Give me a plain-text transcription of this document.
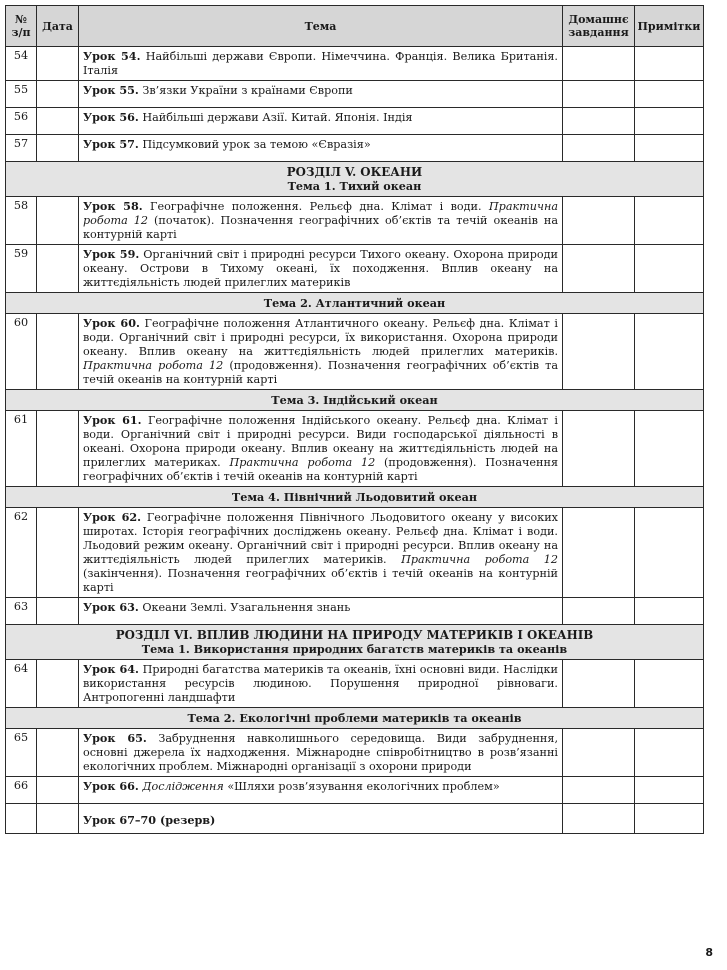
№ з/п	Дата	Тема	Домашнє завдання	Примітки
54		Урок 54. Найбільші держави Європи. Німеччина. Франція. Велика Британія. Італія		
55		Урок 55. Зв’язки України з країнами Європи		
56		Урок 56. Найбільші держави Азії. Китай. Японія. Індія		
57		Урок 57. Підсумковий урок за темою «Євразія»		

РОЗДІЛ V. ОКЕАНИ
Тема 1. Тихий океан				

58		Урок 58. Географічне положення. Рельєф дна. Клімат і води. Практична робота 12 (початок). Позначення географічних об’єктів та течій океанів на контурній карті		
59		Урок 59. Органічний світ і природні ресурси Тихого океану. Охорона природи океану. Острови в Тихому океані, їх походження. Вплив океану на життєдіяльність людей прилеглих материків		

Тема 2. Атлантичний океан				

60		Урок 60. Географічне положення Атлантичного океану. Рельєф дна. Клімат і води. Органічний світ і природні ресурси, їх використання. Охорона природи океану. Вплив океану на життєдіяльність людей прилеглих материків. Практична робота 12 (продовження). Позначення географічних об’єктів та течій океанів на контурній карті		

Тема 3. Індійський океан				

61		Урок 61. Географічне положення Індійського океану. Рельєф дна. Клімат і води. Органічний світ і природні ресурси. Види господарської діяльності в океані. Охорона природи океану. Вплив океану на життєдіяльність людей на прилеглих материках. Практична робота 12 (продовження). Позначення географічних об’єктів і течій океанів на контурній карті		

Тема 4. Північний Льодовитий океан				

62		Урок 62. Географічне положення Північного Льодовитого океану у високих широтах. Історія географічних досліджень океану. Рельєф дна. Клімат і води. Льодовий режим океану. Органічний світ і природні ресурси. Вплив океану на життєдіяльність людей прилеглих материків. Практична робота 12 (закінчення). Позначення географічних об’єктів і течій океанів на контурній карті		
63		Урок 63. Океани Землі. Узагальнення знань		

РОЗДІЛ VI. ВПЛИВ ЛЮДИНИ НА ПРИРОДУ МАТЕРИКІВ І ОКЕАНІВ
Тема 1. Використання природних багатств материків та океанів				

64		Урок 64. Природні багатства материків та океанів, їхні основні види. Наслідки використання ресурсів людиною. Порушення природної рівноваги. Антропогенні ландшафти		

Тема 2. Екологічні проблеми материків та океанів				

65		Урок 65. Забруднення навколишнього середовища. Види забруднення, основні джерела їх надходження. Міжнародне співробітництво в розв’язанні екологічних проблем. Міжнародні організації з охорони природи		
66		Урок 66. Дослідження «Шляхи розв’язування екологічних проблем»		
		Урок 67–70 (резерв)		
8
